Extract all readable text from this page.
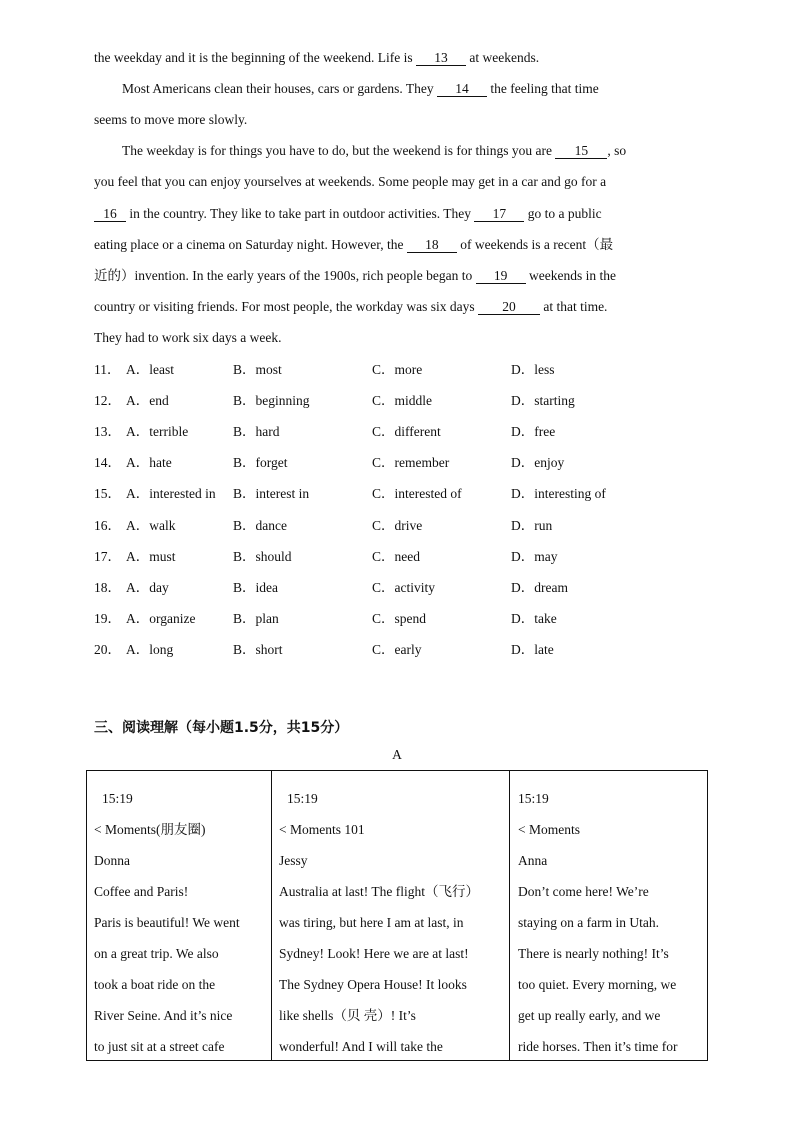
the weekday and it is the beginning of the weekend. Life is 13 at weekends.
Most Americans clean their houses, cars or gardens. They 14 the feeling that time
seems to move more slowly.
The weekday is for things you have to do, but the weekend is for things you are 15 , so
you feel that you can enjoy yourselves at weekends. Some people may get in a car and go for a
16 in the country. They like to take part in outdoor activities. They 17 go to a public
eating place or a cinema on Saturday night. However, the 18 of weekends is a recent（最
近的）invention. In the early years of the 1900s, rich people began to 19 weekends in the
country or visiting friends. For most people, the workday was six days 20 at that time.
They had to work six days a week.
11． A．least	B．most	C．more	D．less
12． A．end	B．beginning	C．middle	D．starting
13． A．terrible	B．hard	C．different	D．free
14． A．hate	B．forget	C．remember	D．enjoy
15． A．interested in B．interest in	C．interested of	D．interesting of
16． A．walk	B．dance	C．drive	D．run
17． A．must	B．should	C．need	D．may
18． A．day	B．idea	C．activity	D．dream
19． A．organize	B．plan	C．spend	D．take
20． A．long	B．short	C．early	D．late
三、阅读理解（每小题1.5分，共15分）
A
15:19
< Moments(朋友圈)
Donna
Coffee and Paris!
Paris is beautiful! We went
on a great trip. We also
took a boat ride on the
River Seine. And it’s nice
to just sit at a street cafe
15:19
< Moments 101
Jessy
Australia at last! The flight（飞行）
was tiring, but here I am at last, in
Sydney! Look! Here we are at last!
The Sydney Opera House! It looks
like shells（贝 壳）! It’s
wonderful! And I will take the
15:19
< Moments
Anna
Don’t come here! We’re
staying on a farm in Utah.
There is nearly nothing! It’s
too quiet. Every morning, we
get up really early, and we
ride horses. Then it’s time for
